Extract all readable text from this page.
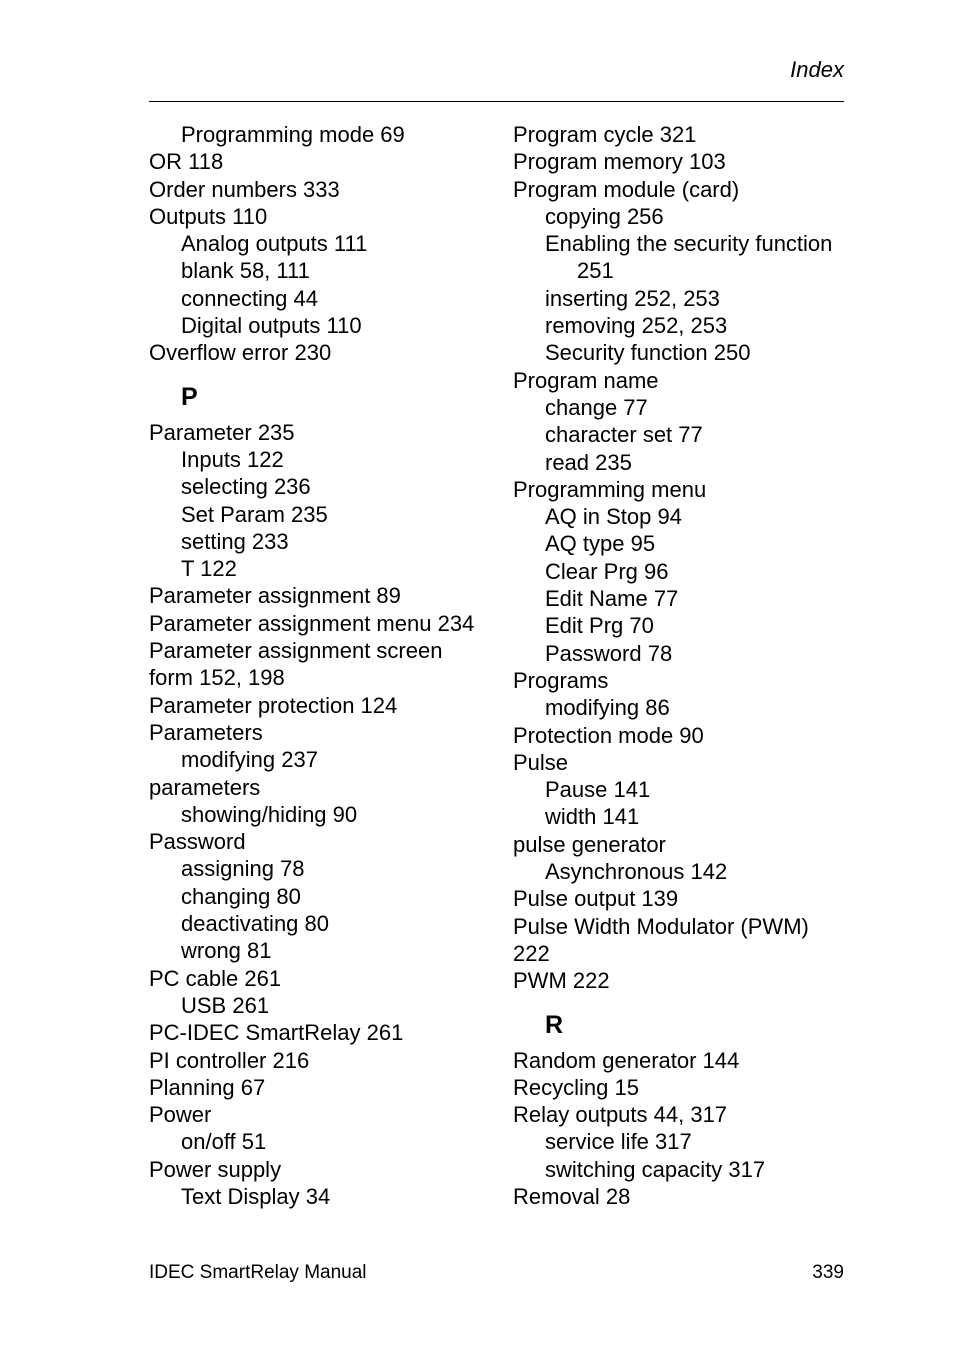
Index
Programming mode 69
OR 118
Order numbers 333
Outputs 110
Analog outputs 111
blank 58, 111
connecting 44
Digital outputs 110
Overflow error 230
P
Parameter 235
Inputs 122
selecting 236
Set Param 235
setting 233
T 122
Parameter assignment 89
Parameter assignment menu 234
Parameter assignment screen
form 152, 198
Parameter protection 124
Parameters
modifying 237
parameters
showing/hiding 90
Password
assigning 78
changing 80
deactivating 80
wrong 81
PC cable 261
USB 261
PC-IDEC SmartRelay 261
PI controller 216
Planning 67
Power
on/off 51
Power supply
Text Display 34
Program cycle 321
Program memory 103
Program module (card)
copying 256
Enabling the security function
251
inserting 252, 253
removing 252, 253
Security function 250
Program name
change 77
character set 77
read 235
Programming menu
AQ in Stop 94
AQ type 95
Clear Prg 96
Edit Name 77
Edit Prg 70
Password 78
Programs
modifying 86
Protection mode 90
Pulse
Pause 141
width 141
pulse generator
Asynchronous 142
Pulse output 139
Pulse Width Modulator (PWM)
222
PWM 222
R
Random generator 144
Recycling 15
Relay outputs 44, 317
service life 317
switching capacity 317
Removal 28
IDEC SmartRelay Manual	339
